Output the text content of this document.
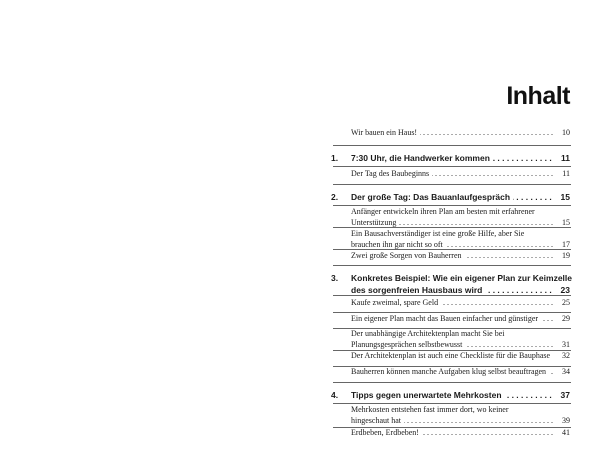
Inhalt
Wir bauen ein Haus! . . .	10
1.	7:30 Uhr, die Handwerker kommen . . .	11
Der Tag des Baubeginns . . .	11
2.	Der große Tag: Das Bauanlaufgespräch . . .	15
Anfänger entwickeln ihren Plan am besten mit erfahrener
Unterstützung . . .	15
Ein Bausachverständiger ist eine große Hilfe, aber Sie
brauchen ihn gar nicht so oft . . .	17
Zwei große Sorgen von Bauherren . . .	19
3.	Konkretes Beispiel: Wie ein eigener Plan zur Keimzelle
des sorgenfreien Hausbaus wird . . .	23
Kaufe zweimal, spare Geld . . .	25
Ein eigener Plan macht das Bauen einfacher und günstiger . . .	29
Der unabhängige Architektenplan macht Sie bei
Planungsgesprächen selbstbewusst . . .	31
Der Architektenplan ist auch eine Checkliste für die Bauphase . . .	32
Bauherren können manche Aufgaben klug selbst beauftragen . . .	34
4.	Tipps gegen unerwartete Mehrkosten . . .	37
Mehrkosten entstehen fast immer dort, wo keiner
hingeschaut hat . . .	39
Erdbeben, Erdbeben! . . .	41
